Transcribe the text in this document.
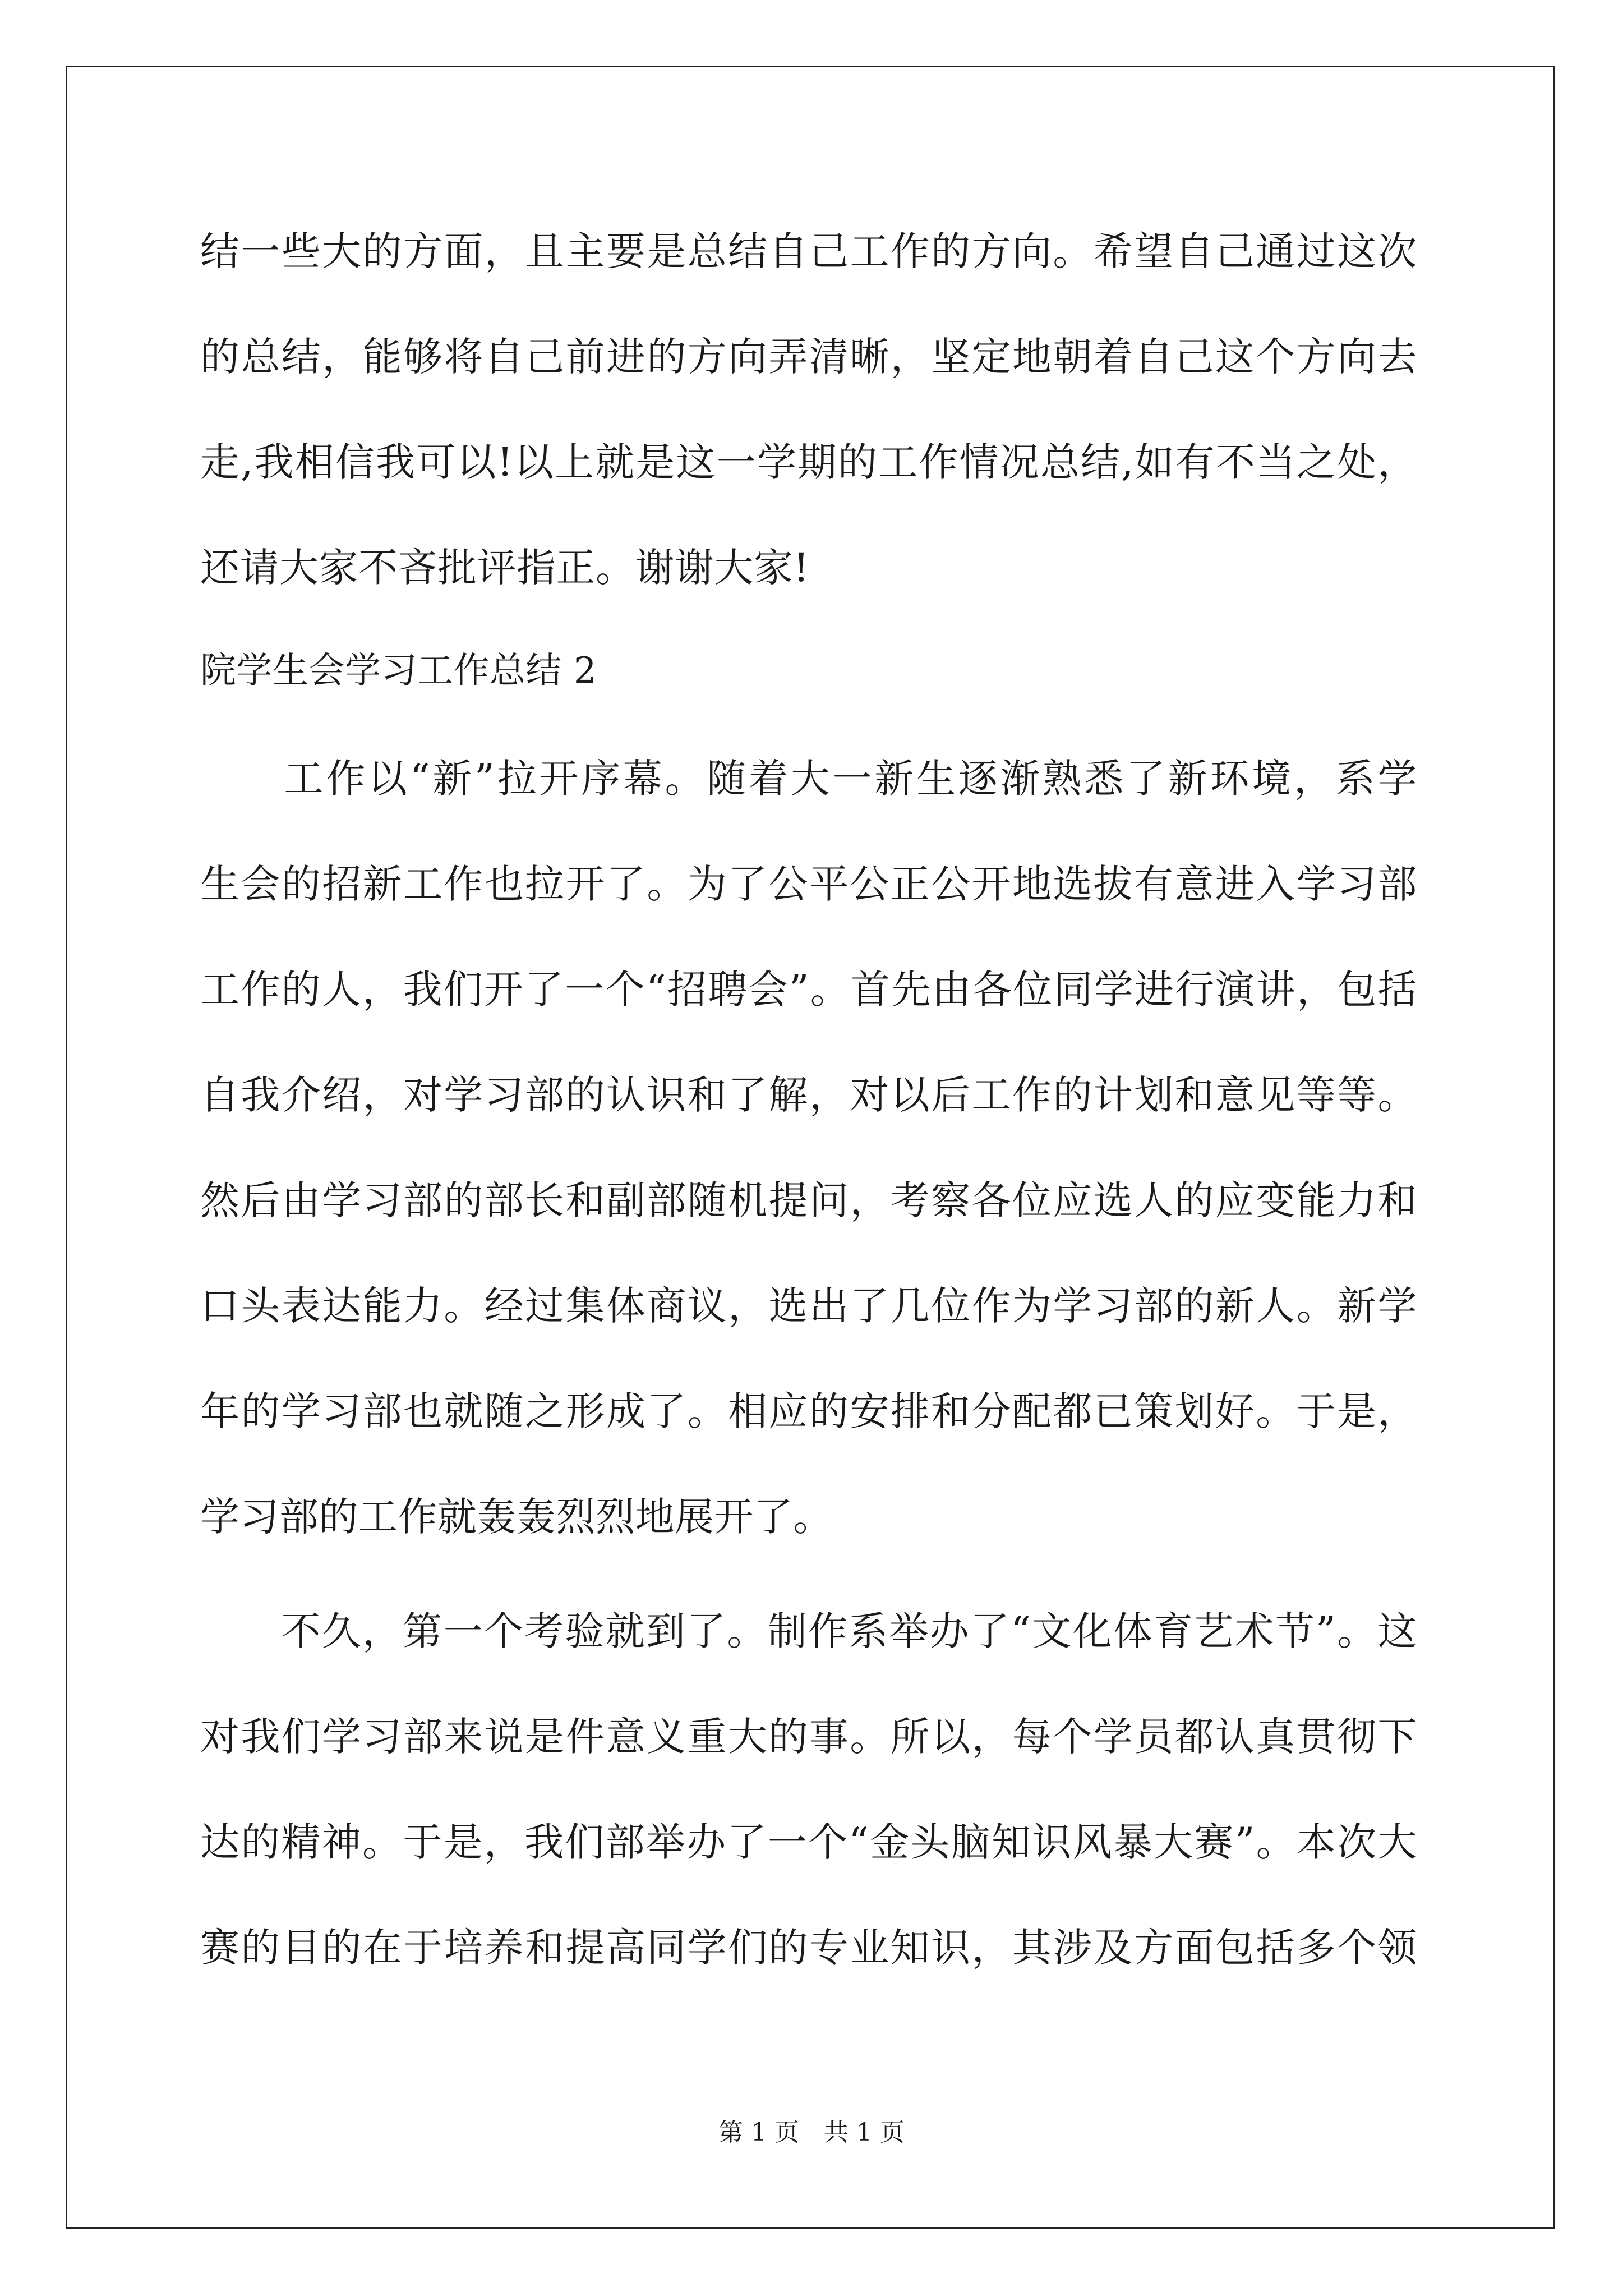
结一些大的方面，且主要是总结自己工作的方向。希望自己通过这次
的总结，能够将自己前进的方向弄清晰，坚定地朝着自己这个方向去
走,我相信我可以!以上就是这一学期的工作情况总结,如有不当之处，
还请大家不吝批评指正。谢谢大家!
院学生会学习工作总结 2
　　工作以“新”拉开序幕。随着大一新生逐渐熟悉了新环境，系学
生会的招新工作也拉开了。为了公平公正公开地选拔有意进入学习部
工作的人，我们开了一个“招聘会”。首先由各位同学进行演讲，包括
自我介绍，对学习部的认识和了解，对以后工作的计划和意见等等。
然后由学习部的部长和副部随机提问，考察各位应选人的应变能力和
口头表达能力。经过集体商议，选出了几位作为学习部的新人。新学
年的学习部也就随之形成了。相应的安排和分配都已策划好。于是，
学习部的工作就轰轰烈烈地展开了。
　　不久，第一个考验就到了。制作系举办了“文化体育艺术节”。这
对我们学习部来说是件意义重大的事。所以，每个学员都认真贯彻下
达的精神。于是，我们部举办了一个“金头脑知识风暴大赛”。本次大
赛的目的在于培养和提高同学们的专业知识，其涉及方面包括多个领
第 1 页 共 1 页
